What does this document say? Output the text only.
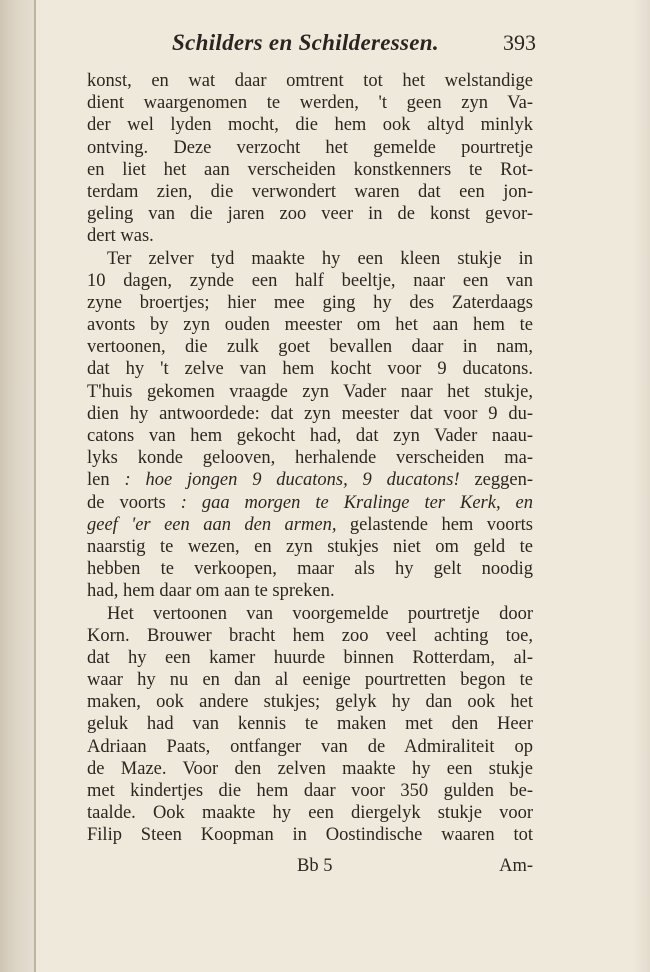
Schilders en Schilderessen.	393
konst, en wat daar omtrent tot het welstandige
dient waargenomen te werden, 't geen zyn Va-
der wel lyden mocht, die hem ook altyd minlyk
ontving. Deze verzocht het gemelde pourtretje
en liet het aan verscheiden konstkenners te Rot-
terdam zien, die verwondert waren dat een jon-
geling van die jaren zoo veer in de konst gevor-
dert was.
Ter zelver tyd maakte hy een kleen stukje in
10 dagen, zynde een half beeltje, naar een van
zyne broertjes; hier mee ging hy des Zaterdaags
avonts by zyn ouden meester om het aan hem te
vertoonen, die zulk goet bevallen daar in nam,
dat hy 't zelve van hem kocht voor 9 ducatons.
T'huis gekomen vraagde zyn Vader naar het stukje,
dien hy antwoordede: dat zyn meester dat voor 9 du-
catons van hem gekocht had, dat zyn Vader naau-
lyks konde gelooven, herhalende verscheiden ma-
len : hoe jongen 9 ducatons, 9 ducatons! zeggen-
de voorts : gaa morgen te Kralinge ter Kerk, en
geef 'er een aan den armen, gelastende hem voorts
naarstig te wezen, en zyn stukjes niet om geld te
hebben te verkoopen, maar als hy gelt noodig
had, hem daar om aan te spreken.
Het vertoonen van voorgemelde pourtretje door
Korn. Brouwer bracht hem zoo veel achting toe,
dat hy een kamer huurde binnen Rotterdam, al-
waar hy nu en dan al eenige pourtretten begon te
maken, ook andere stukjes; gelyk hy dan ook het
geluk had van kennis te maken met den Heer
Adriaan Paats, ontfanger van de Admiraliteit op
de Maze. Voor den zelven maakte hy een stukje
met kindertjes die hem daar voor 350 gulden be-
taalde. Ook maakte hy een diergelyk stukje voor
Filip Steen Koopman in Oostindische waaren tot
Bb 5	Am-
